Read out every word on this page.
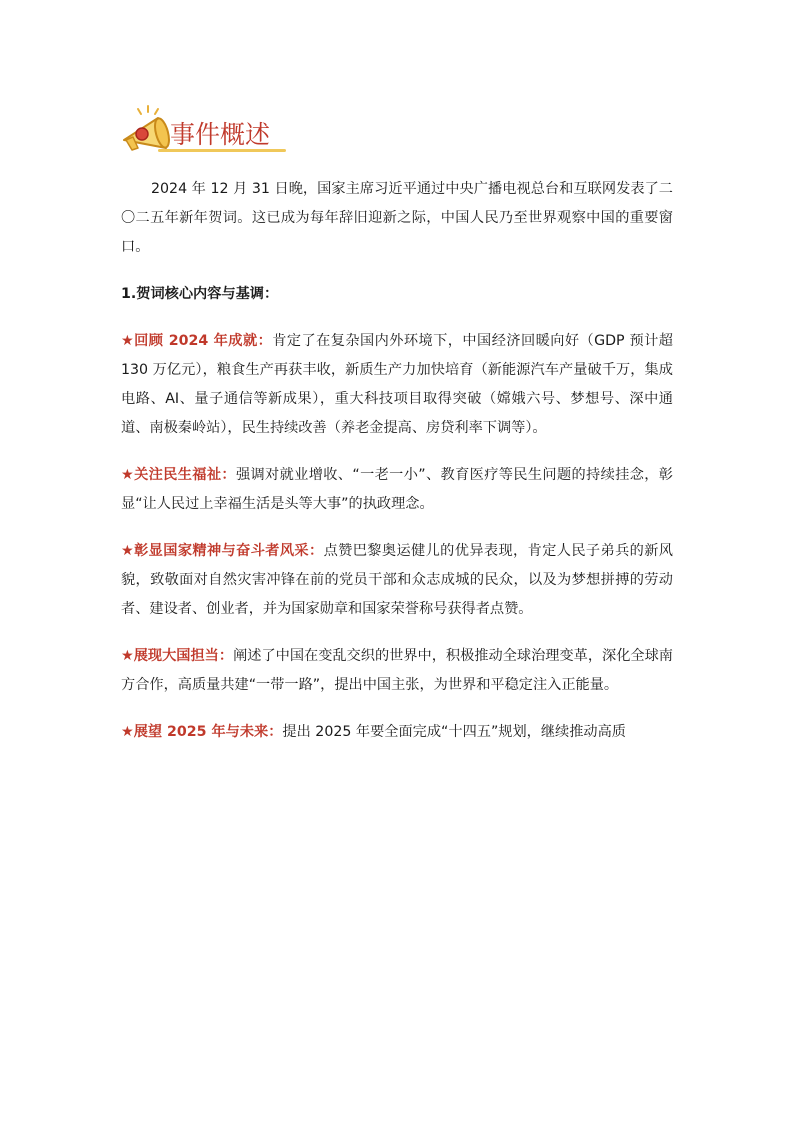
事件概述

2024 年 12 月 31 日晚，国家主席习近平通过中央广播电视总台和互联网发表了二〇二五年新年贺词。这已成为每年辞旧迎新之际，中国人民乃至世界观察中国的重要窗口。

1.贺词核心内容与基调：

★回顾 2024 年成就：肯定了在复杂国内外环境下，中国经济回暖向好（GDP 预计超 130 万亿元），粮食生产再获丰收，新质生产力加快培育（新能源汽车产量破千万，集成电路、AI、量子通信等新成果），重大科技项目取得突破（嫦娥六号、梦想号、深中通道、南极秦岭站），民生持续改善（养老金提高、房贷利率下调等）。

★关注民生福祉：强调对就业增收、“一老一小”、教育医疗等民生问题的持续挂念，彰显“让人民过上幸福生活是头等大事”的执政理念。

★彰显国家精神与奋斗者风采：点赞巴黎奥运健儿的优异表现，肯定人民子弟兵的新风貌，致敬面对自然灾害冲锋在前的党员干部和众志成城的民众，以及为梦想拼搏的劳动者、建设者、创业者，并为国家勋章和国家荣誉称号获得者点赞。

★展现大国担当：阐述了中国在变乱交织的世界中，积极推动全球治理变革，深化全球南方合作，高质量共建“一带一路”，提出中国主张，为世界和平稳定注入正能量。

★展望 2025 年与未来：提出 2025 年要全面完成“十四五”规划，继续推动高质
